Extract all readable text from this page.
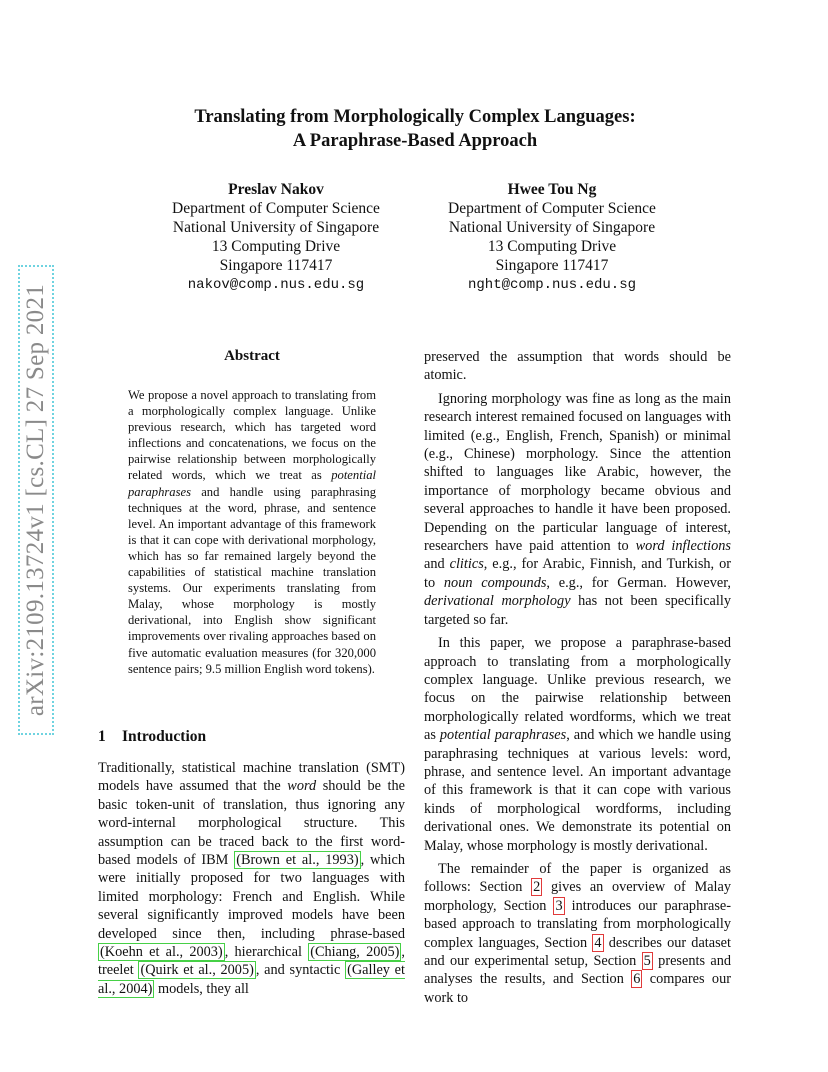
arXiv:2109.13724v1 [cs.CL] 27 Sep 2021
Translating from Morphologically Complex Languages:
A Paraphrase-Based Approach
Preslav Nakov
Department of Computer Science
National University of Singapore
13 Computing Drive
Singapore 117417
nakov@comp.nus.edu.sg
Hwee Tou Ng
Department of Computer Science
National University of Singapore
13 Computing Drive
Singapore 117417
nght@comp.nus.edu.sg
Abstract
We propose a novel approach to translating from a morphologically complex language. Unlike previous research, which has targeted word inflections and concatenations, we focus on the pairwise relationship between morphologically related words, which we treat as potential paraphrases and handle using paraphrasing techniques at the word, phrase, and sentence level. An important advantage of this framework is that it can cope with derivational morphology, which has so far remained largely beyond the capabilities of statistical machine translation systems. Our experiments translating from Malay, whose morphology is mostly derivational, into English show significant improvements over rivaling approaches based on five automatic evaluation measures (for 320,000 sentence pairs; 9.5 million English word tokens).
1 Introduction
Traditionally, statistical machine translation (SMT) models have assumed that the word should be the basic token-unit of translation, thus ignoring any word-internal morphological structure. This assumption can be traced back to the first word-based models of IBM (Brown et al., 1993) , which were initially proposed for two languages with limited morphology: French and English. While several significantly improved models have been developed since then, including phrase-based (Koehn et al., 2003) , hierarchical (Chiang, 2005) , treelet (Quirk et al., 2005) , and syntactic (Galley et al., 2004) models, they all

preserved the assumption that words should be atomic.

Ignoring morphology was fine as long as the main research interest remained focused on languages with limited (e.g., English, French, Spanish) or minimal (e.g., Chinese) morphology. Since the attention shifted to languages like Arabic, however, the importance of morphology became obvious and several approaches to handle it have been proposed. Depending on the particular language of interest, researchers have paid attention to word inflections and clitics, e.g., for Arabic, Finnish, and Turkish, or to noun compounds, e.g., for German. However, derivational morphology has not been specifically targeted so far.

In this paper, we propose a paraphrase-based approach to translating from a morphologically complex language. Unlike previous research, we focus on the pairwise relationship between morphologically related wordforms, which we treat as potential paraphrases, and which we handle using paraphrasing techniques at various levels: word, phrase, and sentence level. An important advantage of this framework is that it can cope with various kinds of morphological wordforms, including derivational ones. We demonstrate its potential on Malay, whose morphology is mostly derivational.

The remainder of the paper is organized as follows: Section 2 gives an overview of Malay morphology, Section 3 introduces our paraphrase-based approach to translating from morphologically complex languages, Section 4 describes our dataset and our experimental setup, Section 5 presents and analyses the results, and Section 6 compares our work to
